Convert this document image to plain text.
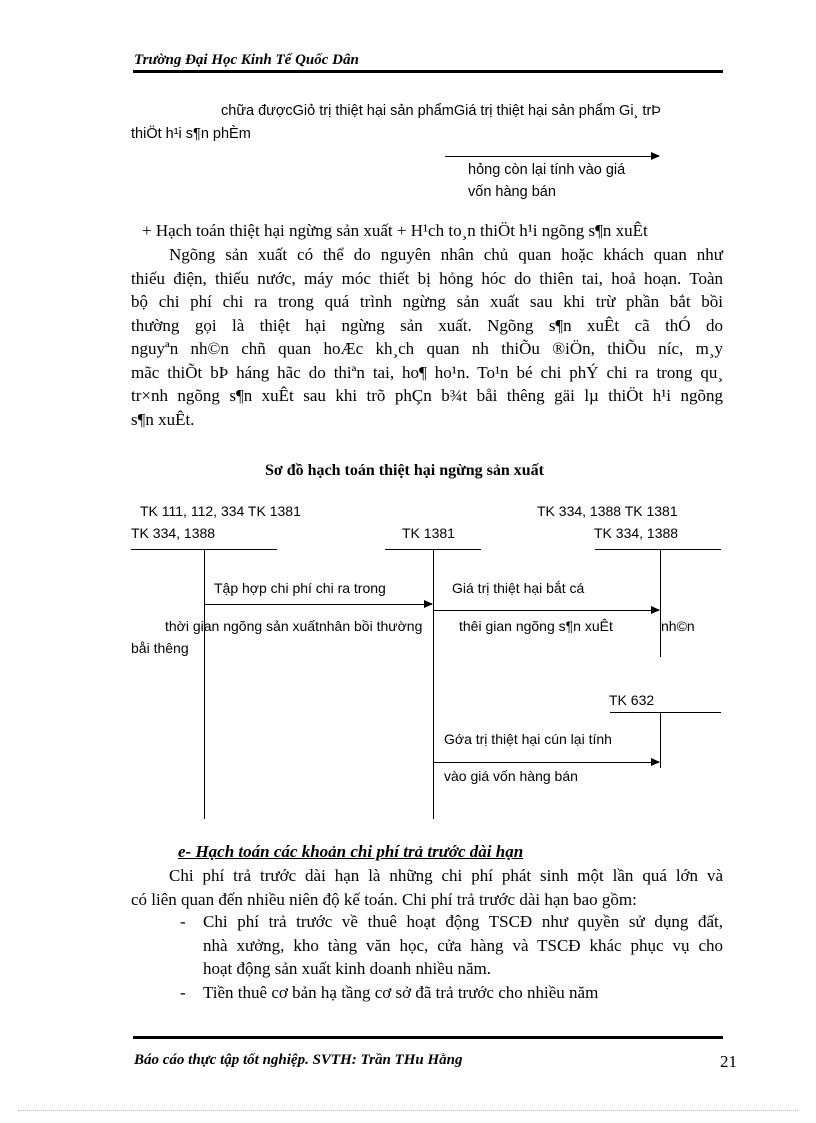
Trường Đại Học Kinh Tế Quốc Dân
chữa đượcGiỏ trị thiệt hại sản phẩmGiá trị thiệt hại sản phẩm Gi¸ trÞ
thiÖt h¹i s¶n phÈm
hỏng còn lại tính vào giá
vốn hàng bán
+ Hạch toán thiệt hại ngừng sản xuất + H¹ch to¸n thiÖt h¹i ngõng s¶n xuÊt
Ngõng sản xuất có thể do nguyên nhân chủ quan hoặc khách quan như
thiếu điện, thiếu nước, máy móc thiết bị hỏng hóc do thiên tai, hoả hoạn. Toàn
bộ chi phí chi ra trong quá trình ngừng sản xuất sau khi trừ phần bắt bồi
thường gọi là thiệt hại ngừng sản xuất. Ngõng s¶n xuÊt cã thÓ do
nguyªn nh©n chñ quan hoÆc kh¸ch quan nh thiÕu ®iÖn, thiÕu níc, m¸y
mãc thiÕt bÞ háng hãc do thiªn tai, ho¶ ho¹n. To¹n bé chi phÝ chi ra trong qu¸
tr×nh ngõng s¶n xuÊt sau khi trõ phÇn b¾t båi thêng gäi lµ thiÖt h¹i ngõng
s¶n xuÊt.
Sơ đồ hạch toán thiệt hại ngừng sản xuất
TK 111, 112, 334 TK 1381
TK 334, 1388	TK 1381
TK 334, 1388 TK 1381
TK 334, 1388
Tập hợp chi phí chi ra trong	Giá trị thiệt hại bắt cá
thời gian ngõng sản xuấtnhân bồi thường	thêi gian ngõng s¶n xuÊt	nh©n
båi thêng
TK 632
Gớa trị thiệt hại cún lại tính
vào giá vốn hàng bán
e- Hạch toán các khoản chi phí trả trước dài hạn
Chi phí trả trước dài hạn là những chi phí phát sinh một lần quá lớn và
có liên quan đến nhiều niên độ kế toán. Chi phí trả trước dài hạn bao gồm:
- Chi phí trả trước về thuê hoạt động TSCĐ như quyền sử dụng đất,
nhà xưởng, kho tàng văn học, cửa hàng và TSCĐ khác phục vụ cho
hoạt động sản xuất kinh doanh nhiều năm.
- Tiền thuê cơ bản hạ tầng cơ sở đã trả trước cho nhiều năm
Báo cáo thực tập tốt nghiệp. SVTH: Trần THu Hằng	21
